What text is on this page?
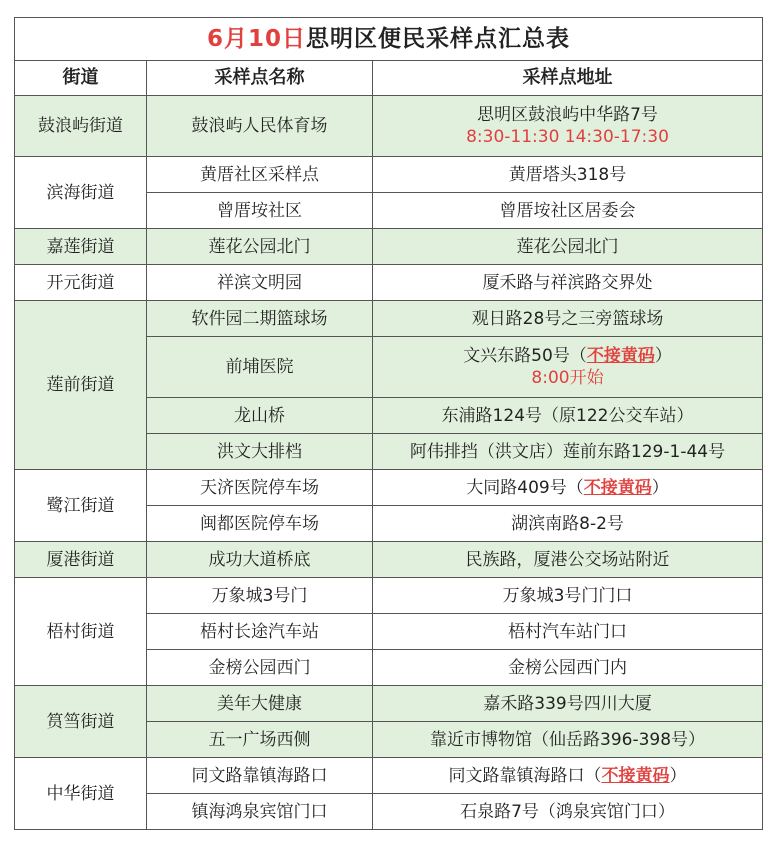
6月10日思明区便民采样点汇总表		
街道	采样点名称	采样点地址
鼓浪屿街道	鼓浪屿人民体育场	思明区鼓浪屿中华路7号
8:30-11:30 14:30-17:30

滨海街道	黄厝社区采样点	黄厝塔头318号

	曾厝垵社区	曾厝垵社区居委会

嘉莲街道	莲花公园北门	莲花公园北门

开元街道	祥滨文明园	厦禾路与祥滨路交界处

莲前街道	软件园二期篮球场	观日路28号之三旁篮球场

	前埔医院	文兴东路50号（不接黄码）
8:00开始

	龙山桥	东浦路124号（原122公交车站）

	洪文大排档	阿伟排挡（洪文店）莲前东路129-1-44号

鹭江街道	天济医院停车场	大同路409号（不接黄码）

	闽都医院停车场	湖滨南路8-2号

厦港街道	成功大道桥底	民族路，厦港公交场站附近

梧村街道	万象城3号门	万象城3号门门口

	梧村长途汽车站	梧村汽车站门口

	金榜公园西门	金榜公园西门内

筼筜街道	美年大健康	嘉禾路339号四川大厦

	五一广场西侧	靠近市博物馆（仙岳路396-398号）

中华街道	同文路靠镇海路口	同文路靠镇海路口（不接黄码）

	镇海鸿泉宾馆门口	石泉路7号（鸿泉宾馆门口）
